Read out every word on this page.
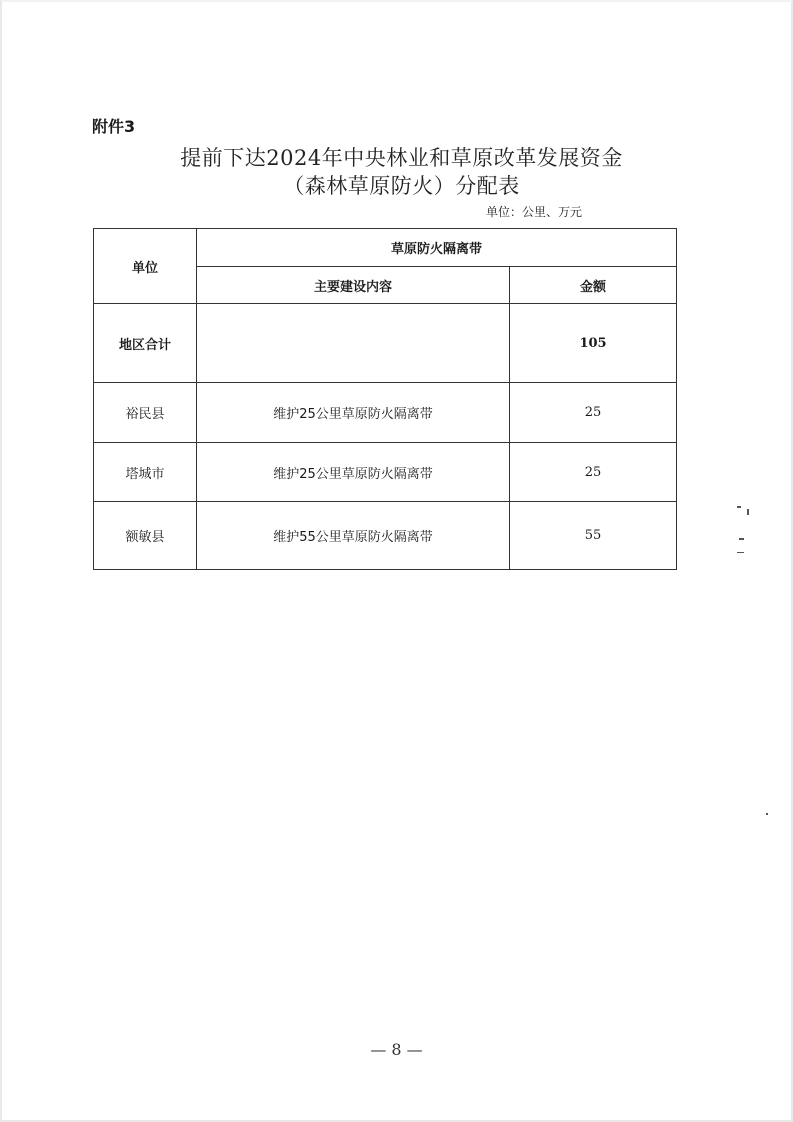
附件3
提前下达2024年中央林业和草原改革发展资金
（森林草原防火）分配表
单位：公里、万元
单位	草原防火隔离带	
	主要建设内容	金额
地区合计		105
裕民县	维护25公里草原防火隔离带	25
塔城市	维护25公里草原防火隔离带	25
额敏县	维护55公里草原防火隔离带	55
— 8 —
